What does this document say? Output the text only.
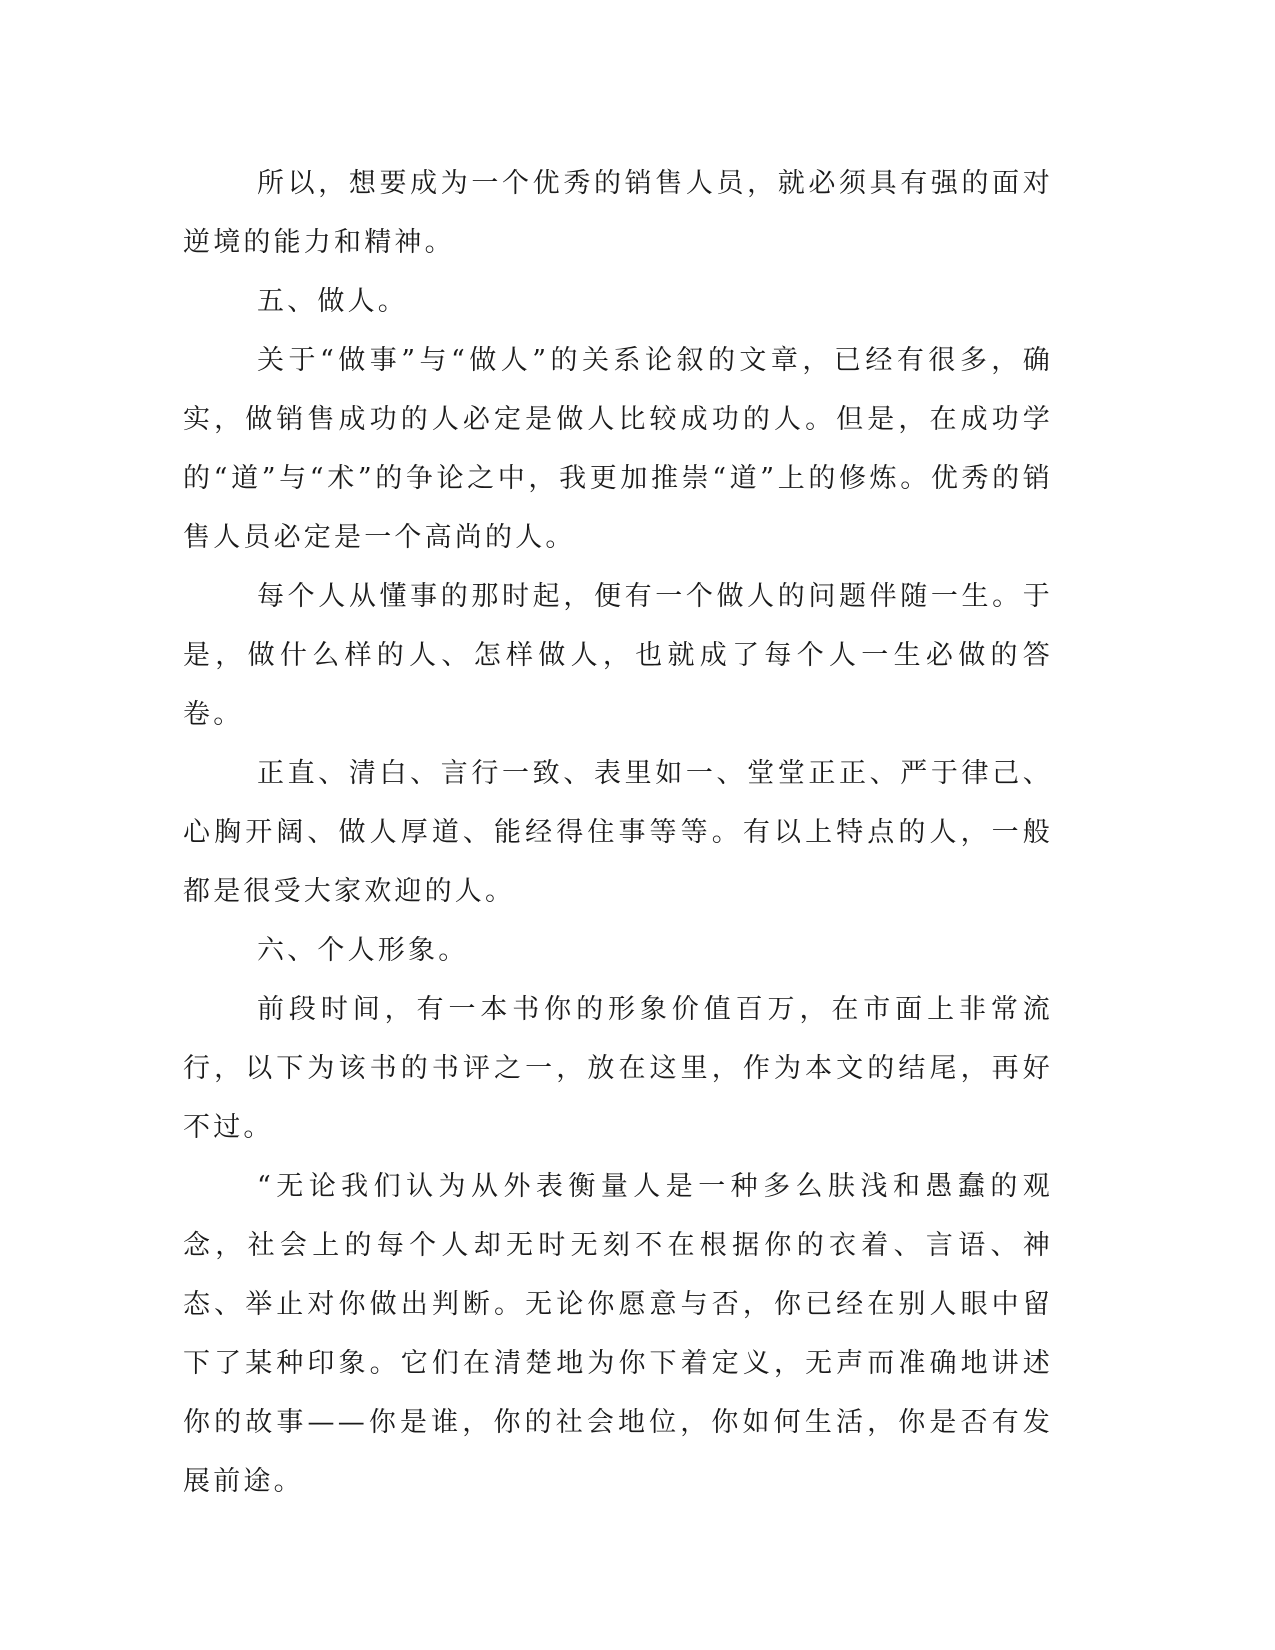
所以，想要成为一个优秀的销售人员，就必须具有强的面对逆境的能力和精神。

五、做人。

关于“做事”与“做人”的关系论叙的文章，已经有很多，确实，做销售成功的人必定是做人比较成功的人。但是，在成功学的“道”与“术”的争论之中，我更加推崇“道”上的修炼。优秀的销售人员必定是一个高尚的人。

每个人从懂事的那时起，便有一个做人的问题伴随一生。于是，做什么样的人、怎样做人，也就成了每个人一生必做的答卷。

正直、清白、言行一致、表里如一、堂堂正正、严于律己、心胸开阔、做人厚道、能经得住事等等。有以上特点的人，一般都是很受大家欢迎的人。

六、个人形象。

前段时间，有一本书你的形象价值百万，在市面上非常流行，以下为该书的书评之一，放在这里，作为本文的结尾，再好不过。

“无论我们认为从外表衡量人是一种多么肤浅和愚蠢的观念，社会上的每个人却无时无刻不在根据你的衣着、言语、神态、举止对你做出判断。无论你愿意与否，你已经在别人眼中留下了某种印象。它们在清楚地为你下着定义，无声而准确地讲述你的故事——你是谁，你的社会地位，你如何生活，你是否有发展前途。
